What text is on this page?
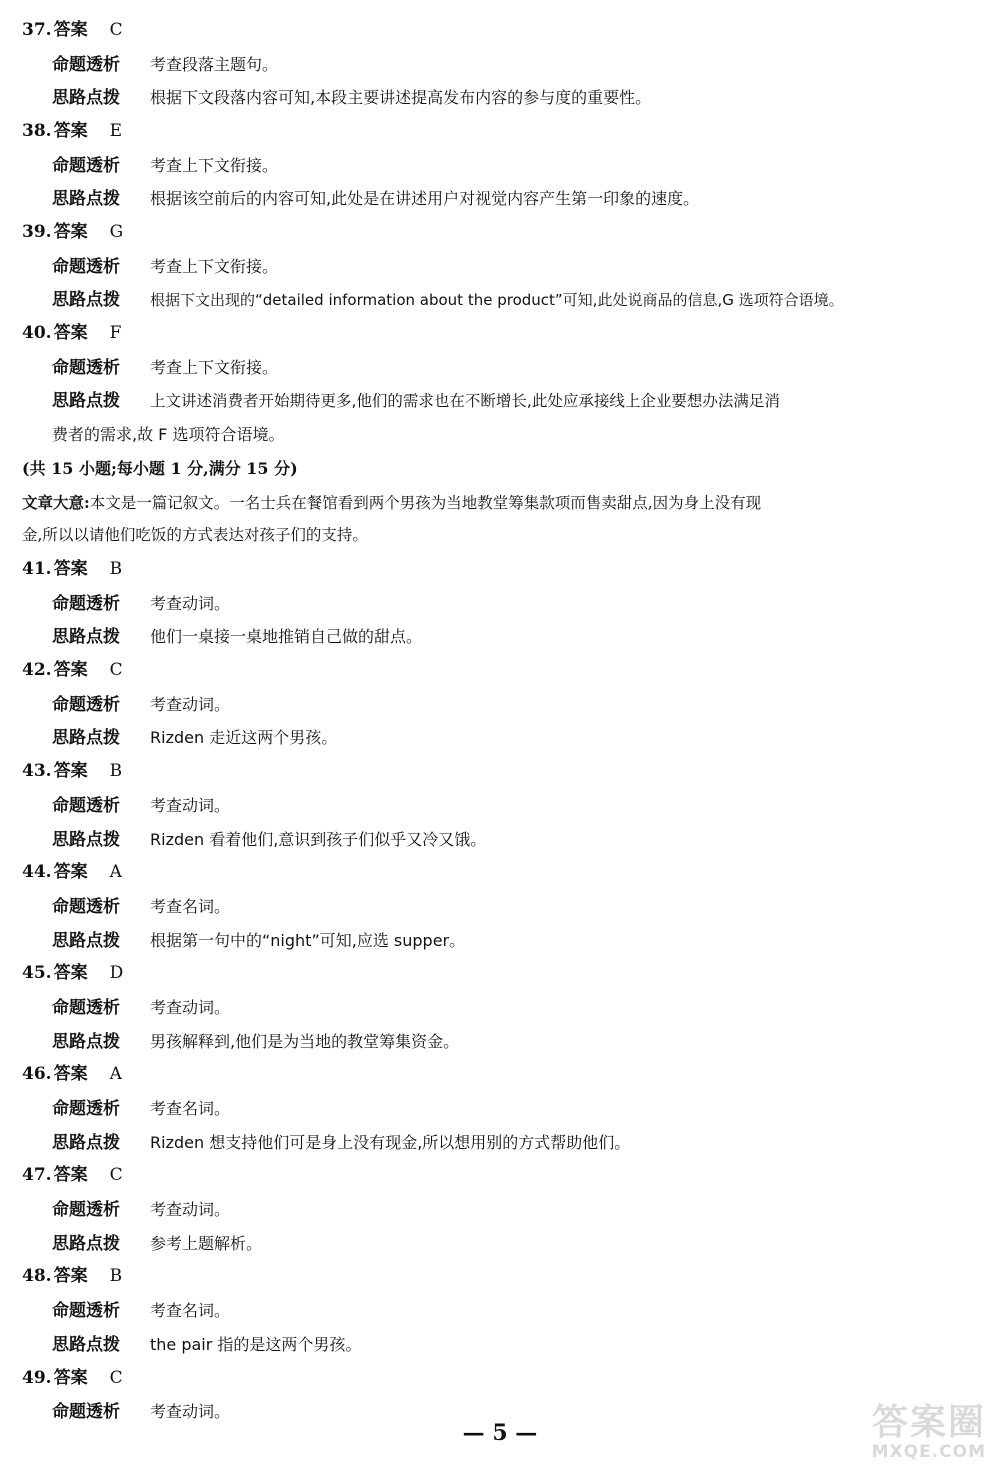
37. 答案 C
命题透析 考查段落主题句。
思路点拨 根据下文段落内容可知,本段主要讲述提高发布内容的参与度的重要性。
38. 答案 E
命题透析 考查上下文衔接。
思路点拨 根据该空前后的内容可知,此处是在讲述用户对视觉内容产生第一印象的速度。
39. 答案 G
命题透析 考查上下文衔接。
思路点拨 根据下文出现的“detailed information about the product”可知,此处说商品的信息,G 选项符合语境。
40. 答案 F
命题透析 考查上下文衔接。
思路点拨 上文讲述消费者开始期待更多,他们的需求也在不断增长,此处应承接线上企业要想办法满足消
费者的需求,故 F 选项符合语境。
(共 15 小题;每小题 1 分,满分 15 分)
文章大意:本文是一篇记叙文。一名士兵在餐馆看到两个男孩为当地教堂筹集款项而售卖甜点,因为身上没有现
金,所以以请他们吃饭的方式表达对孩子们的支持。
41. 答案 B
命题透析 考查动词。
思路点拨 他们一桌接一桌地推销自己做的甜点。
42. 答案 C
命题透析 考查动词。
思路点拨 Rizden 走近这两个男孩。
43. 答案 B
命题透析 考查动词。
思路点拨 Rizden 看着他们,意识到孩子们似乎又冷又饿。
44. 答案 A
命题透析 考查名词。
思路点拨 根据第一句中的“night”可知,应选 supper。
45. 答案 D
命题透析 考查动词。
思路点拨 男孩解释到,他们是为当地的教堂筹集资金。
46. 答案 A
命题透析 考查名词。
思路点拨 Rizden 想支持他们可是身上没有现金,所以想用别的方式帮助他们。
47. 答案 C
命题透析 考查动词。
思路点拨 参考上题解析。
48. 答案 B
命题透析 考查名词。
思路点拨 the pair 指的是这两个男孩。
49. 答案 C
命题透析 考查动词。
— 5 —	答案圈
MXQE.COM
